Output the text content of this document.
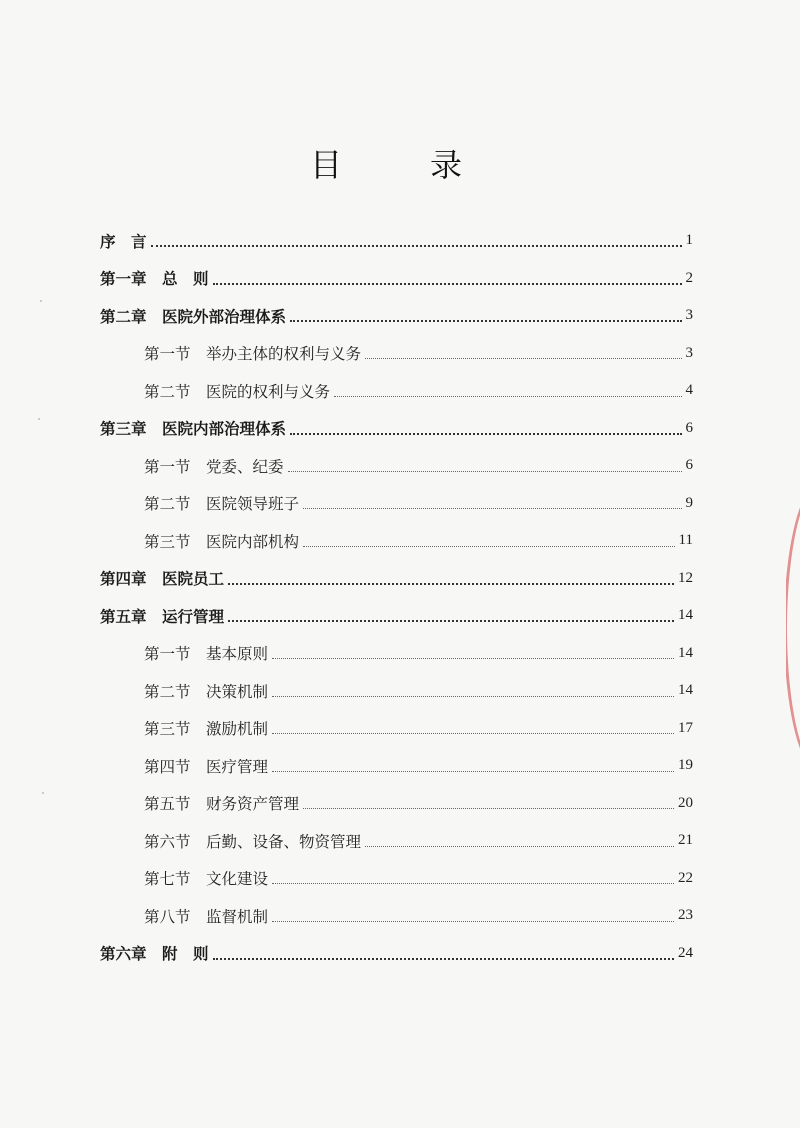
目　录
序　言	1
第一章　总　则	2
第二章　医院外部治理体系	3
第一节　举办主体的权利与义务	3
第二节　医院的权利与义务	4
第三章　医院内部治理体系	6
第一节　党委、纪委	6
第二节　医院领导班子	9
第三节　医院内部机构	11
第四章　医院员工	12
第五章　运行管理	14
第一节　基本原则	14
第二节　决策机制	14
第三节　激励机制	17
第四节　医疗管理	19
第五节　财务资产管理	20
第六节　后勤、设备、物资管理	21
第七节　文化建设	22
第八节　监督机制	23
第六章　附　则	24
